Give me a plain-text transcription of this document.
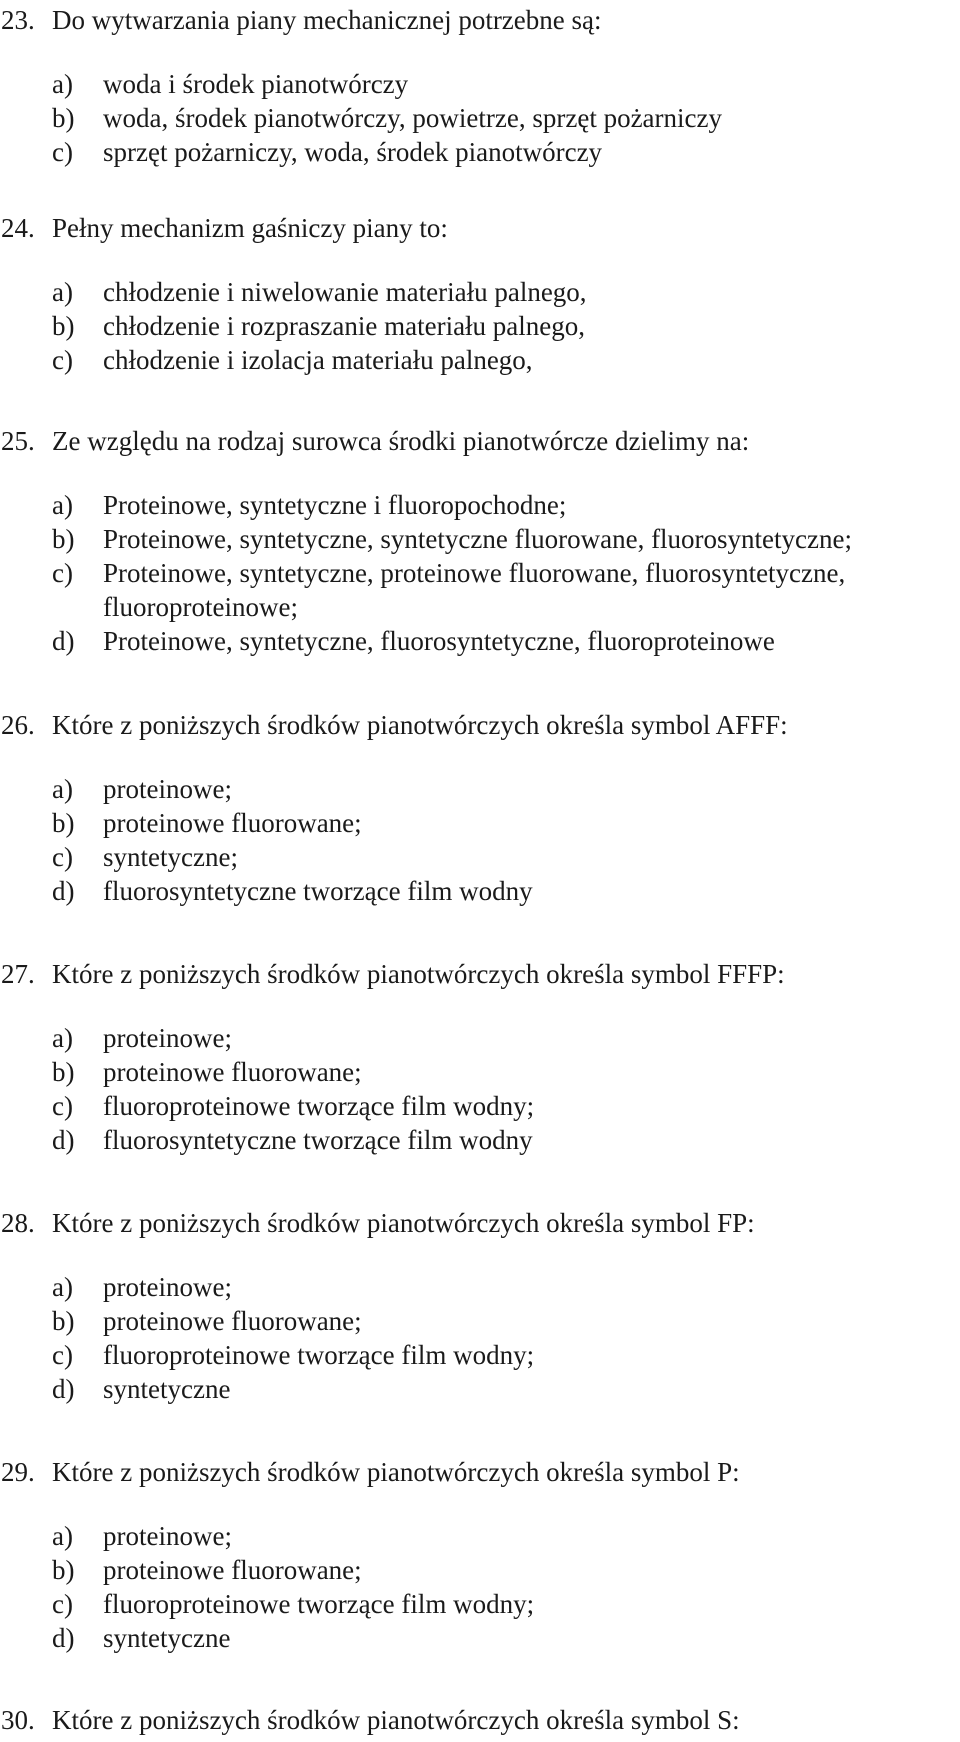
23. Do wytwarzania piany mechanicznej potrzebne są:
a) woda i środek pianotwórczy
b) woda, środek pianotwórczy, powietrze, sprzęt pożarniczy
c) sprzęt pożarniczy, woda, środek pianotwórczy
24. Pełny mechanizm gaśniczy piany to:
a) chłodzenie i niwelowanie materiału palnego,
b) chłodzenie i rozpraszanie materiału palnego,
c) chłodzenie i izolacja materiału palnego,
25. Ze względu na rodzaj surowca środki pianotwórcze dzielimy na:
a) Proteinowe, syntetyczne i fluoropochodne;
b) Proteinowe, syntetyczne, syntetyczne fluorowane, fluorosyntetyczne;
c) Proteinowe, syntetyczne, proteinowe fluorowane, fluorosyntetyczne, fluoroproteinowe;
d) Proteinowe, syntetyczne, fluorosyntetyczne, fluoroproteinowe
26. Które z poniższych środków pianotwórczych określa symbol AFFF:
a) proteinowe;
b) proteinowe fluorowane;
c) syntetyczne;
d) fluorosyntetyczne tworzące film wodny
27. Które z poniższych środków pianotwórczych określa symbol FFFP:
a) proteinowe;
b) proteinowe fluorowane;
c) fluoroproteinowe tworzące film wodny;
d) fluorosyntetyczne tworzące film wodny
28. Które z poniższych środków pianotwórczych określa symbol FP:
a) proteinowe;
b) proteinowe fluorowane;
c) fluoroproteinowe tworzące film wodny;
d) syntetyczne
29. Które z poniższych środków pianotwórczych określa symbol P:
a) proteinowe;
b) proteinowe fluorowane;
c) fluoroproteinowe tworzące film wodny;
d) syntetyczne
30. Które z poniższych środków pianotwórczych określa symbol S:
